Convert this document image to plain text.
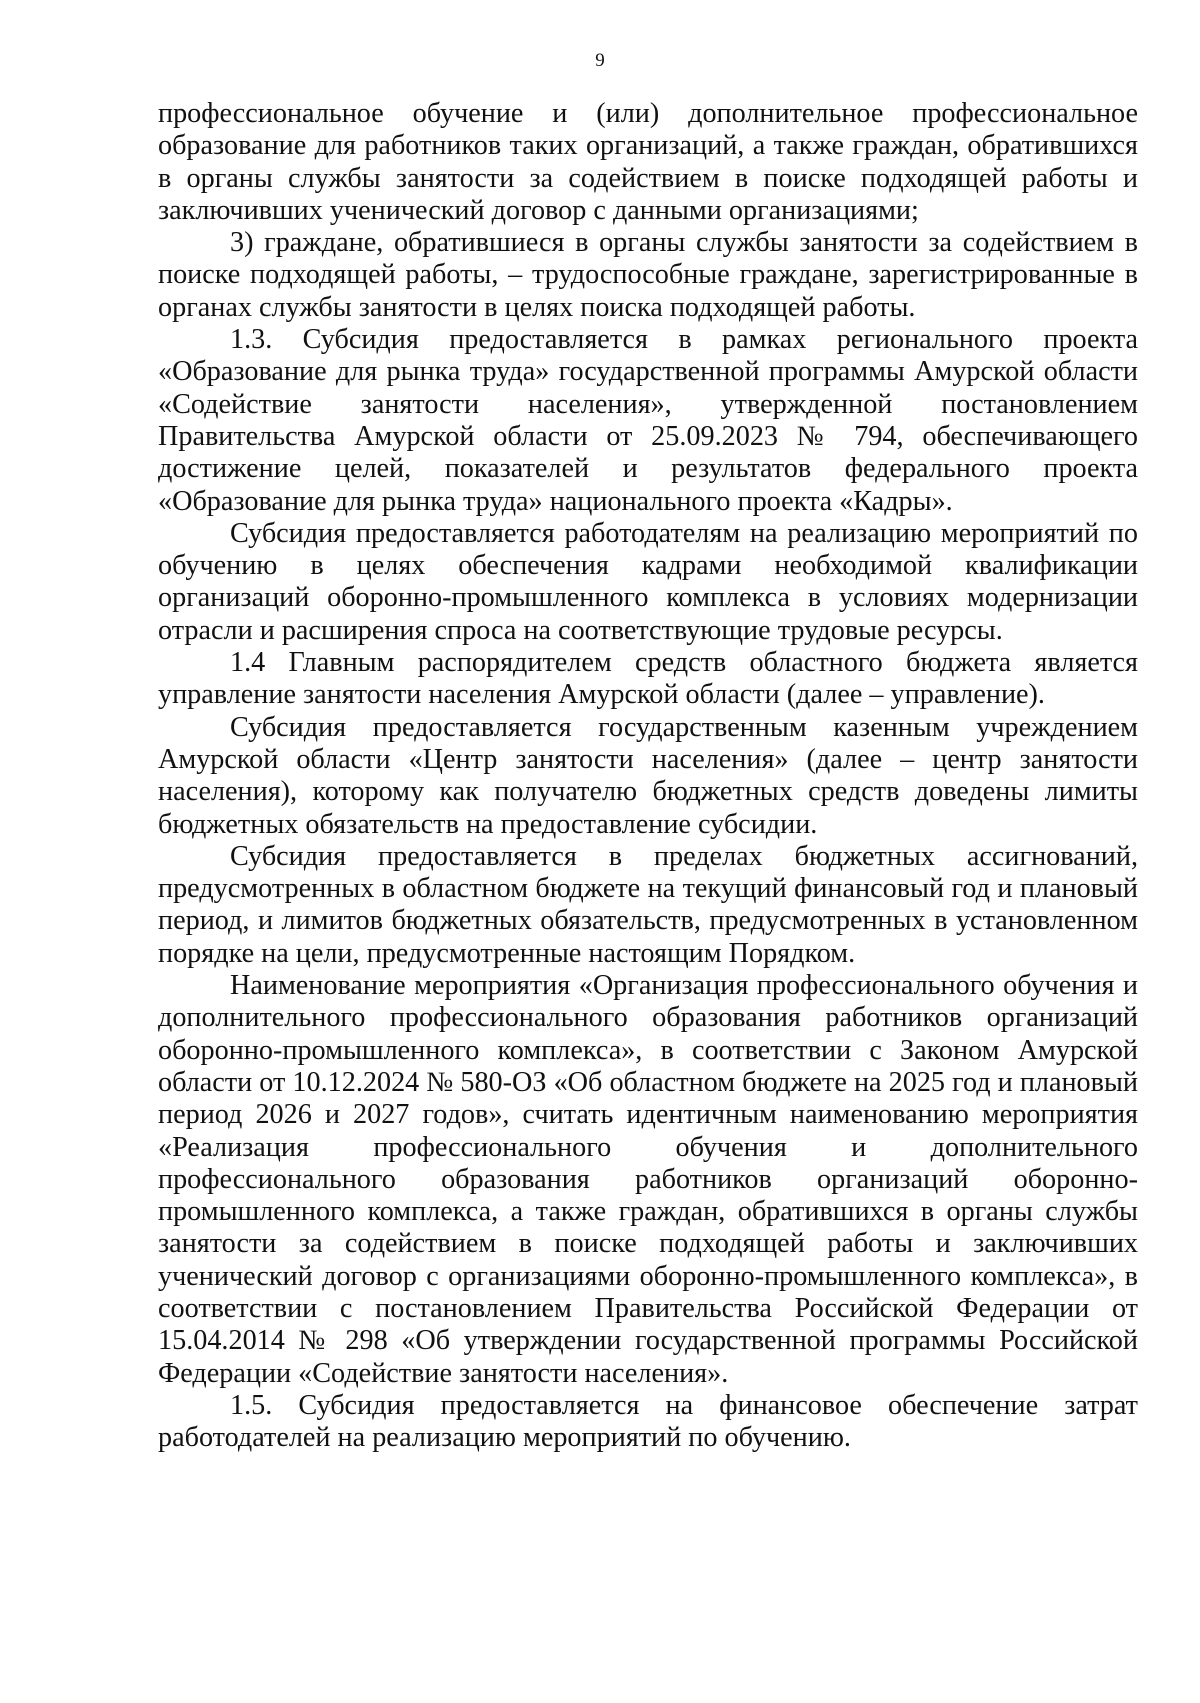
9

профессиональное обучение и (или) дополнительное профессиональное образование для работников таких организаций, а также граждан, обратившихся в органы службы занятости за содействием в поиске подходящей работы и заключивших ученический договор с данными организациями;

3) граждане, обратившиеся в органы службы занятости за содействием в поиске подходящей работы, – трудоспособные граждане, зарегистрированные в органах службы занятости в целях поиска подходящей работы.

1.3. Субсидия предоставляется в рамках регионального проекта «Образование для рынка труда» государственной программы Амурской области «Содействие занятости населения», утвержденной постановлением Правительства Амурской области от 25.09.2023 № 794, обеспечивающего достижение целей, показателей и результатов федерального проекта «Образование для рынка труда» национального проекта «Кадры».

Субсидия предоставляется работодателям на реализацию мероприятий по обучению в целях обеспечения кадрами необходимой квалификации организаций оборонно-промышленного комплекса в условиях модернизации отрасли и расширения спроса на соответствующие трудовые ресурсы.

1.4 Главным распорядителем средств областного бюджета является управление занятости населения Амурской области (далее – управление).

Субсидия предоставляется государственным казенным учреждением Амурской области «Центр занятости населения» (далее – центр занятости населения), которому как получателю бюджетных средств доведены лимиты бюджетных обязательств на предоставление субсидии.

Субсидия предоставляется в пределах бюджетных ассигнований, предусмотренных в областном бюджете на текущий финансовый год и плановый период, и лимитов бюджетных обязательств, предусмотренных в установленном порядке на цели, предусмотренные настоящим Порядком.

Наименование мероприятия «Организация профессионального обучения и дополнительного профессионального образования работников организаций оборонно-промышленного комплекса», в соответствии с Законом Амурской области от 10.12.2024 № 580-ОЗ «Об областном бюджете на 2025 год и плановый период 2026 и 2027 годов», считать идентичным наименованию мероприятия «Реализация профессионального обучения и дополнительного профессионального образования работников организаций оборонно-промышленного комплекса, а также граждан, обратившихся в органы службы занятости за содействием в поиске подходящей работы и заключивших ученический договор с организациями оборонно-промышленного комплекса», в соответствии с постановлением Правительства Российской Федерации от 15.04.2014 № 298 «Об утверждении государственной программы Российской Федерации «Содействие занятости населения».

1.5. Субсидия предоставляется на финансовое обеспечение затрат работодателей на реализацию мероприятий по обучению.
